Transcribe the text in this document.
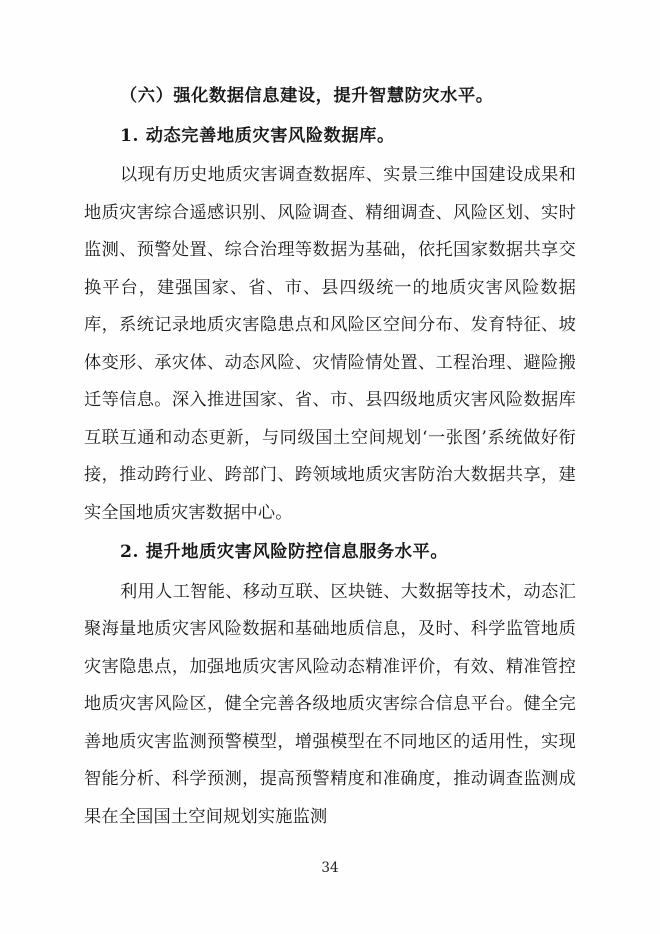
（六）强化数据信息建设，提升智慧防灾水平。

1. 动态完善地质灾害风险数据库。

以现有历史地质灾害调查数据库、实景三维中国建设成果和地质灾害综合遥感识别、风险调查、精细调查、风险区划、实时监测、预警处置、综合治理等数据为基础，依托国家数据共享交换平台，建强国家、省、市、县四级统一的地质灾害风险数据库，系统记录地质灾害隐患点和风险区空间分布、发育特征、坡体变形、承灾体、动态风险、灾情险情处置、工程治理、避险搬迁等信息。深入推进国家、省、市、县四级地质灾害风险数据库互联互通和动态更新，与同级国土空间规划‘一张图’系统做好衔接，推动跨行业、跨部门、跨领域地质灾害防治大数据共享，建实全国地质灾害数据中心。

2. 提升地质灾害风险防控信息服务水平。

利用人工智能、移动互联、区块链、大数据等技术，动态汇聚海量地质灾害风险数据和基础地质信息，及时、科学监管地质灾害隐患点，加强地质灾害风险动态精准评价，有效、精准管控地质灾害风险区，健全完善各级地质灾害综合信息平台。健全完善地质灾害监测预警模型，增强模型在不同地区的适用性，实现智能分析、科学预测，提高预警精度和准确度，推动调查监测成果在全国国土空间规划实施监测

34
